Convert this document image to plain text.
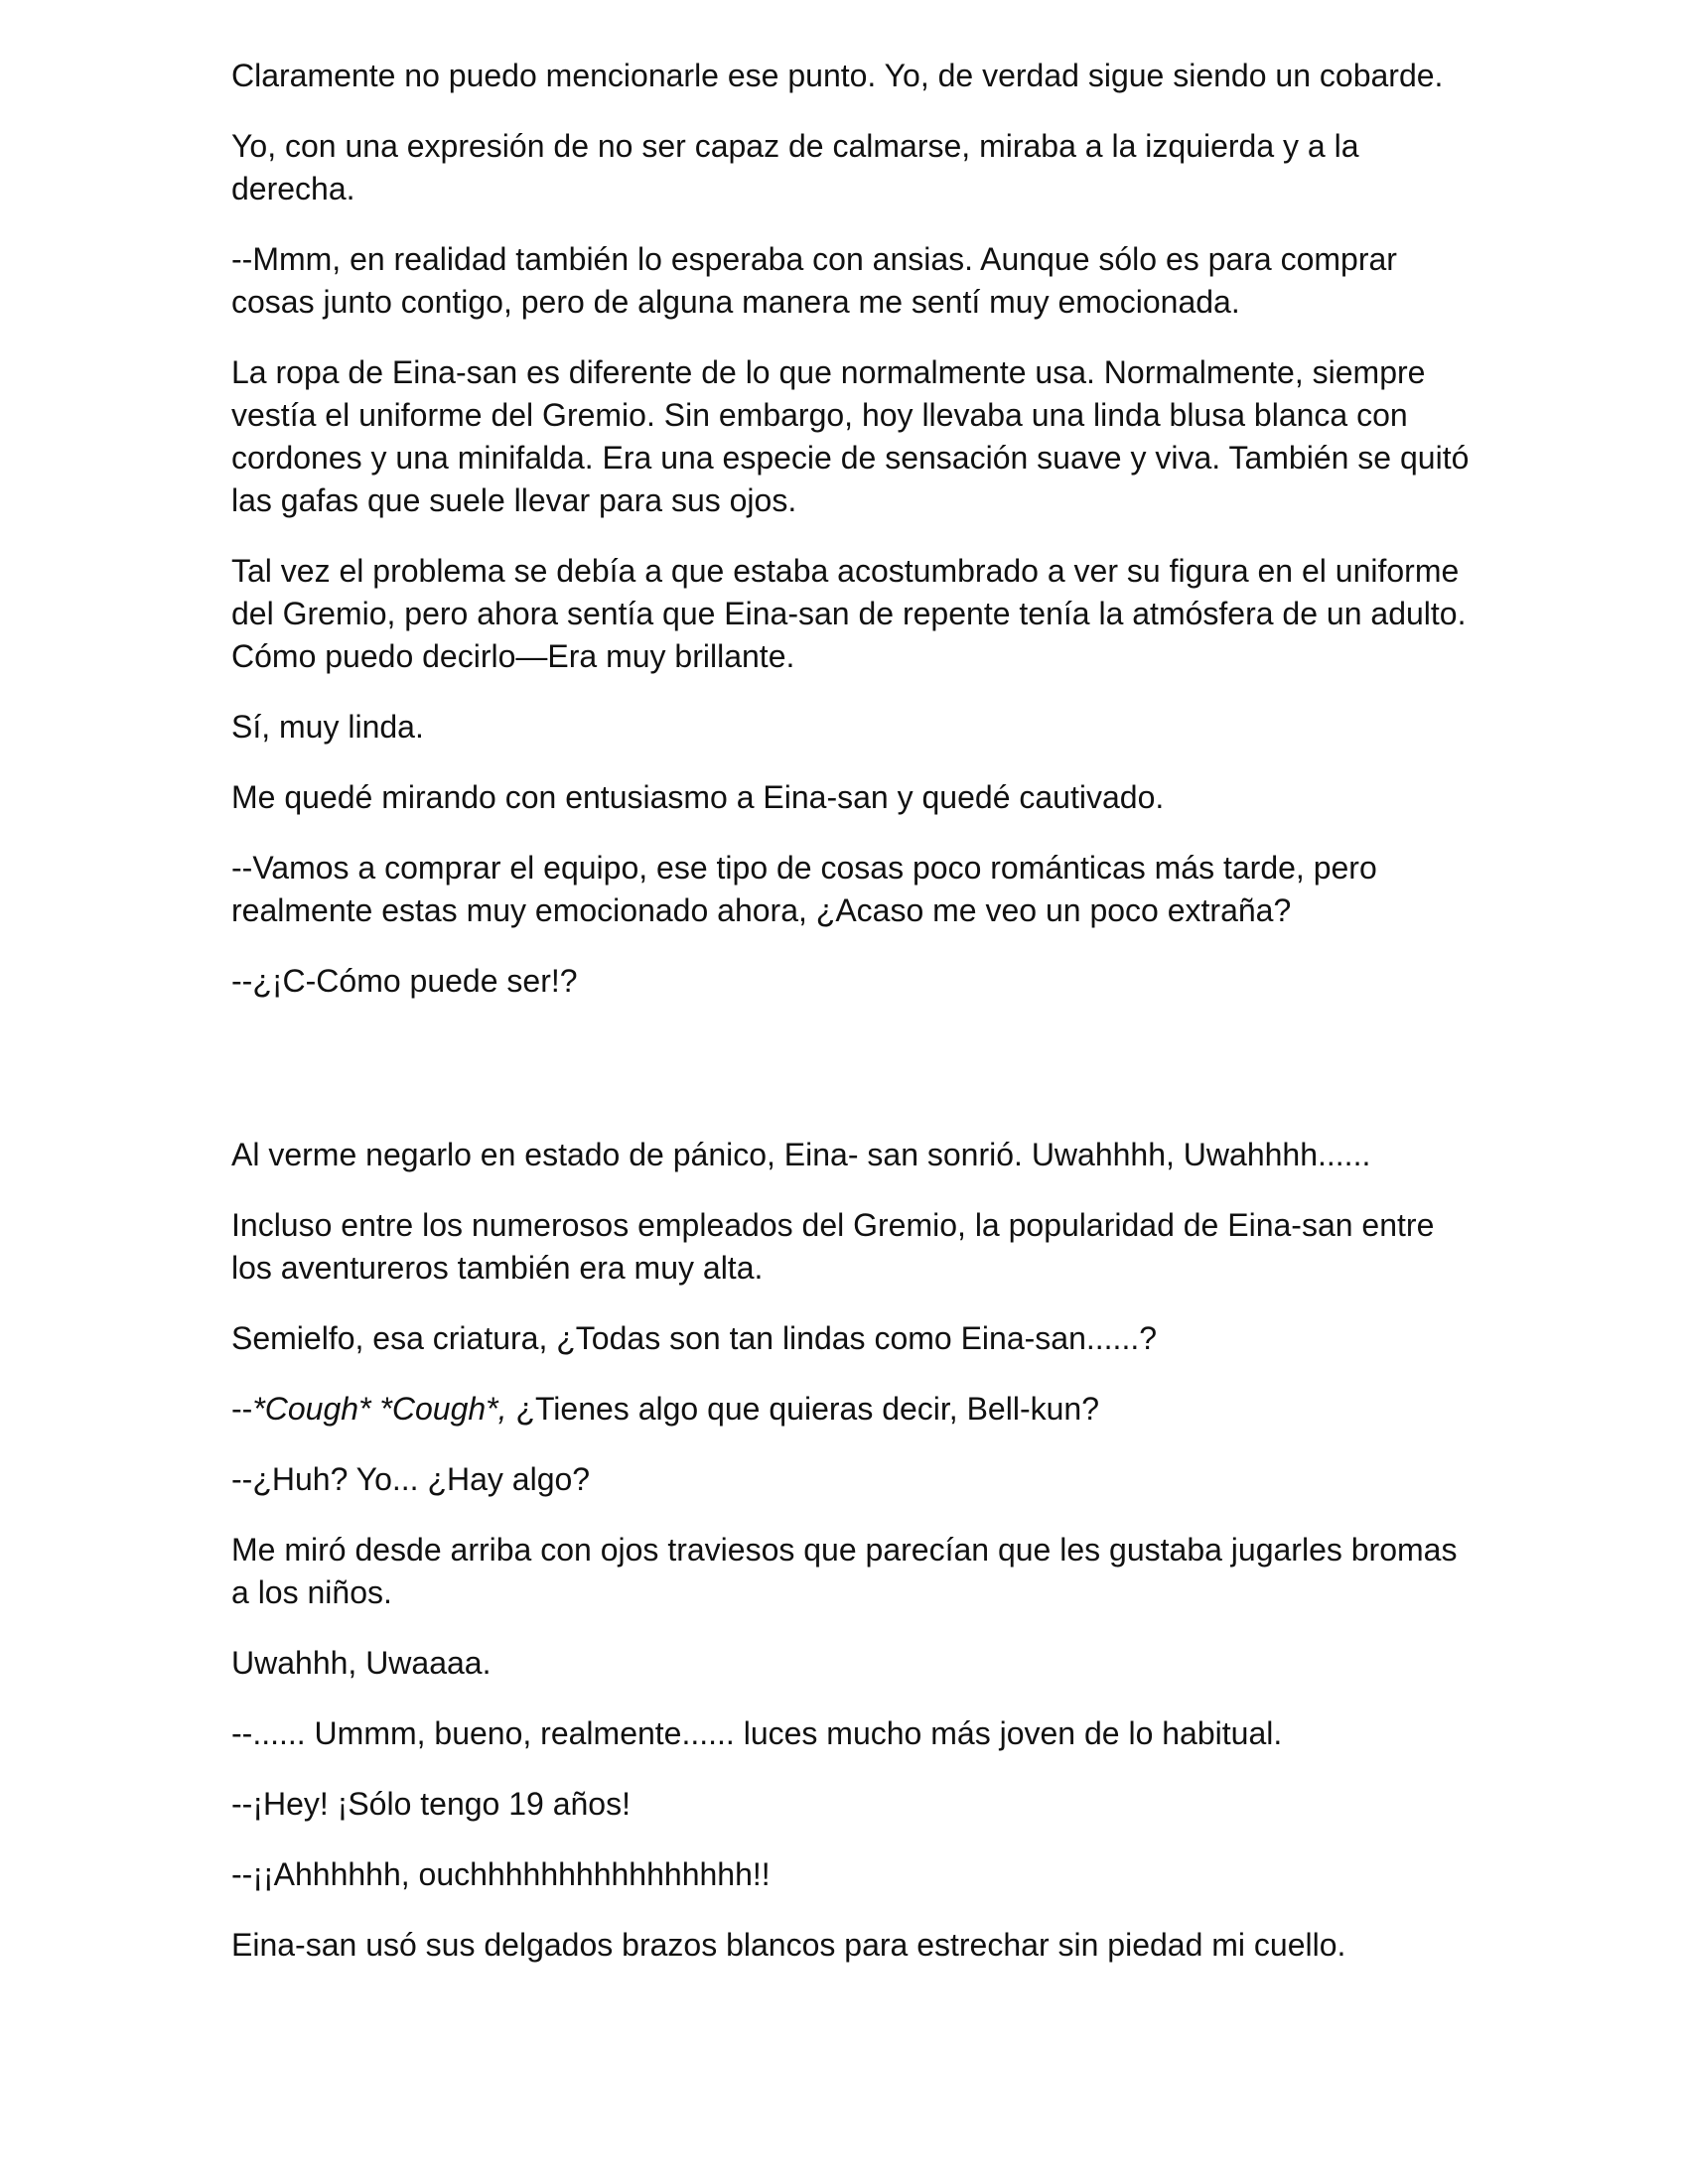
Claramente no puedo mencionarle ese punto. Yo, de verdad sigue siendo un cobarde.

Yo, con una expresión de no ser capaz de calmarse, miraba a la izquierda y a la derecha.

--Mmm, en realidad también lo esperaba con ansias. Aunque sólo es para comprar cosas junto contigo, pero de alguna manera me sentí muy emocionada.

La ropa de Eina-san es diferente de lo que normalmente usa. Normalmente, siempre vestía el uniforme del Gremio. Sin embargo, hoy llevaba una linda blusa blanca con cordones y una minifalda. Era una especie de sensación suave y viva. También se quitó las gafas que suele llevar para sus ojos.

Tal vez el problema se debía a que estaba acostumbrado a ver su figura en el uniforme del Gremio, pero ahora sentía que Eina-san de repente tenía la atmósfera de un adulto. Cómo puedo decirlo—Era muy brillante.

Sí, muy linda.

Me quedé mirando con entusiasmo a Eina-san y quedé cautivado.

--Vamos a comprar el equipo, ese tipo de cosas poco románticas más tarde, pero realmente estas muy emocionado ahora, ¿Acaso me veo un poco extraña?

--¿¡C-Cómo puede ser!?

Al verme negarlo en estado de pánico, Eina- san sonrió. Uwahhhh, Uwahhhh......

Incluso entre los numerosos empleados del Gremio, la popularidad de Eina-san entre los aventureros también era muy alta.

Semielfo, esa criatura, ¿Todas son tan lindas como Eina-san......?

--*Cough* *Cough*, ¿Tienes algo que quieras decir, Bell-kun?

--¿Huh? Yo... ¿Hay algo?

Me miró desde arriba con ojos traviesos que parecían que les gustaba jugarles bromas a los niños.

Uwahhh, Uwaaaa.

--...... Ummm, bueno, realmente...... luces mucho más joven de lo habitual.

--¡Hey! ¡Sólo tengo 19 años!

--¡¡Ahhhhhh, ouchhhhhhhhhhhhhhhh!!

Eina-san usó sus delgados brazos blancos para estrechar sin piedad mi cuello.
